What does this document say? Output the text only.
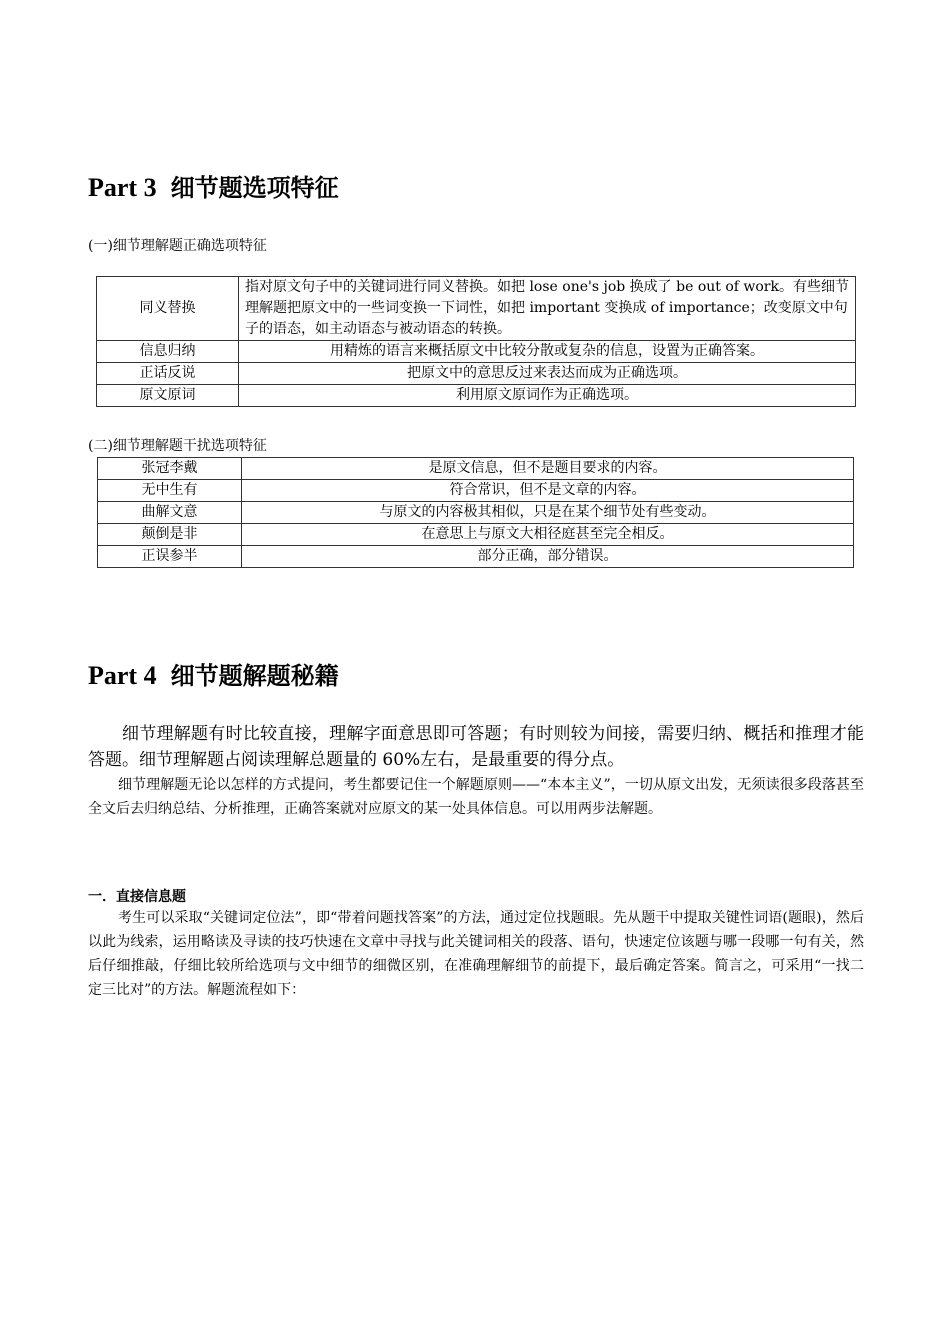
Part 3 细节题选项特征
(一)细节理解题正确选项特征
同义替换	指对原文句子中的关键词进行同义替换。如把 lose one's job 换成了 be out of work。有些细节理解题把原文中的一些词变换一下词性，如把 important 变换成 of importance；改变原文中句子的语态，如主动语态与被动语态的转换。
信息归纳	用精炼的语言来概括原文中比较分散或复杂的信息，设置为正确答案。
正话反说	把原文中的意思反过来表达而成为正确选项。
原文原词	利用原文原词作为正确选项。
(二)细节理解题干扰选项特征
张冠李戴	是原文信息，但不是题目要求的内容。
无中生有	符合常识，但不是文章的内容。
曲解文意	与原文的内容极其相似，只是在某个细节处有些变动。
颠倒是非	在意思上与原文大相径庭甚至完全相反。
正误参半	部分正确，部分错误。
Part 4 细节题解题秘籍

细节理解题有时比较直接，理解字面意思即可答题；有时则较为间接，需要归纳、概括和推理才能答题。细节理解题占阅读理解总题量的 60%左右，是最重要的得分点。

细节理解题无论以怎样的方式提问，考生都要记住一个解题原则——“本本主义”，一切从原文出发，无须读很多段落甚至全文后去归纳总结、分析推理，正确答案就对应原文的某一处具体信息。可以用两步法解题。

一．直接信息题

考生可以采取“关键词定位法”，即“带着问题找答案”的方法，通过定位找题眼。先从题干中提取关键性词语(题眼)，然后以此为线索，运用略读及寻读的技巧快速在文章中寻找与此关键词相关的段落、语句，快速定位该题与哪一段哪一句有关，然后仔细推敲，仔细比较所给选项与文中细节的细微区别，在准确理解细节的前提下，最后确定答案。简言之，可采用“一找二定三比对”的方法。解题流程如下：
